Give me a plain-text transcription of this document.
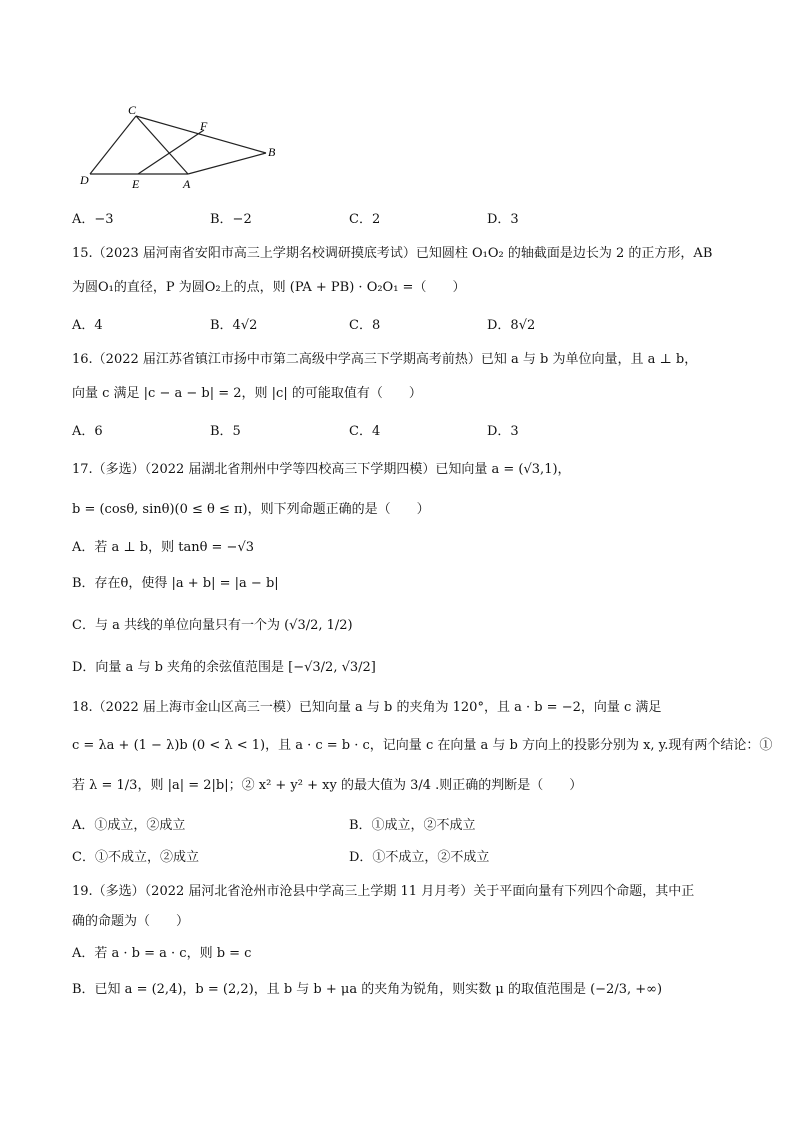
C
F
B
D	E	A
A．−3	B．−2	C．2	D．3
15.（2023 届河南省安阳市高三上学期名校调研摸底考试）已知圆柱 O₁O₂ 的轴截面是边长为 2 的正方形，AB
为圆O₁的直径，P 为圆O₂上的点，则 (PA + PB) · O₂O₁ =（　　）
A．4	B．4√2	C．8	D．8√2
16.（2022 届江苏省镇江市扬中市第二高级中学高三下学期高考前热）已知 a 与 b 为单位向量，且 a ⊥ b，
向量 c 满足 |c − a − b| = 2，则 |c| 的可能取值有（　　）
A．6	B．5	C．4	D．3
17.（多选）（2022 届湖北省荆州中学等四校高三下学期四模）已知向量 a = (√3,1)，
b = (cosθ, sinθ)(0 ≤ θ ≤ π)，则下列命题正确的是（　　）
A．若 a ⊥ b，则 tanθ = −√3
B．存在θ，使得 |a + b| = |a − b|
C．与 a 共线的单位向量只有一个为 (√3/2, 1/2)
D．向量 a 与 b 夹角的余弦值范围是 [−√3/2, √3/2]
18.（2022 届上海市金山区高三一模）已知向量 a 与 b 的夹角为 120°，且 a · b = −2，向量 c 满足
c = λa + (1 − λ)b (0 < λ < 1)，且 a · c = b · c，记向量 c 在向量 a 与 b 方向上的投影分别为 x, y.现有两个结论：①
若 λ = 1/3，则 |a| = 2|b|；② x² + y² + xy 的最大值为 3/4 .则正确的判断是（　　）
A．①成立，②成立	B．①成立，②不成立
C．①不成立，②成立	D．①不成立，②不成立
19.（多选）（2022 届河北省沧州市沧县中学高三上学期 11 月月考）关于平面向量有下列四个命题，其中正
确的命题为（　　）
A．若 a · b = a · c，则 b = c
B．已知 a = (2,4)，b = (2,2)，且 b 与 b + μa 的夹角为锐角，则实数 μ 的取值范围是 (−2/3, +∞)
